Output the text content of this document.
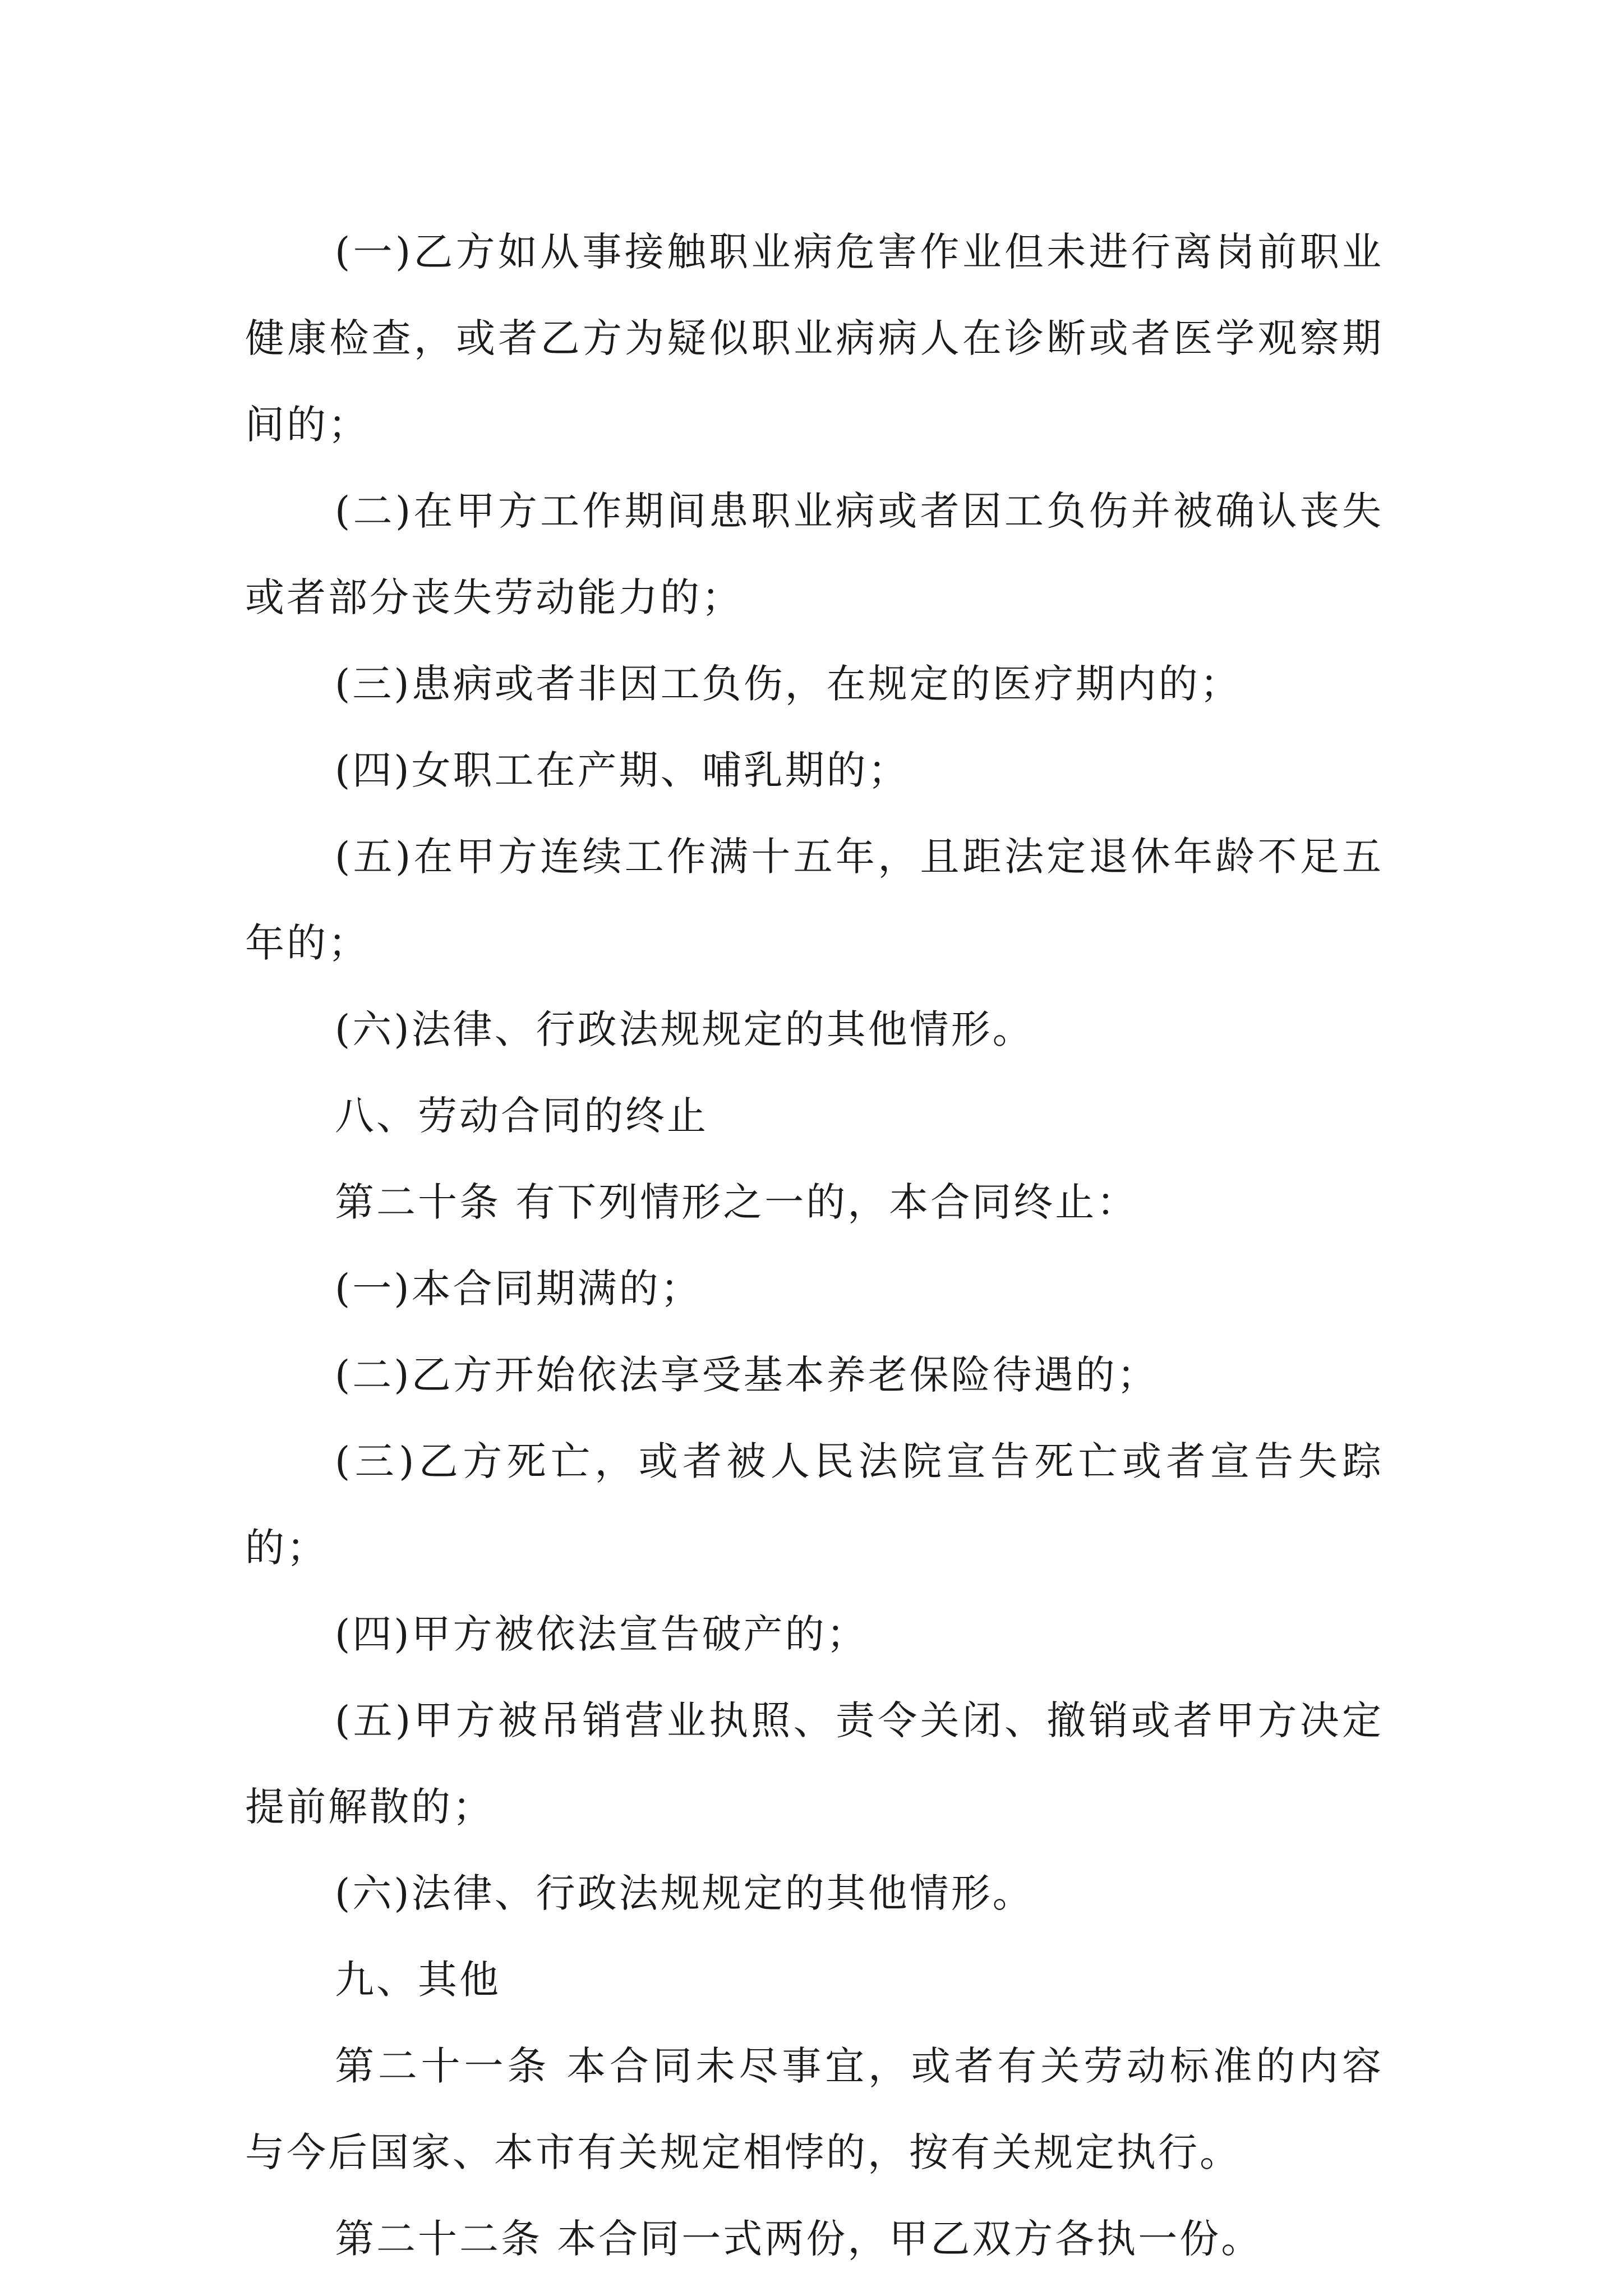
(一)乙方如从事接触职业病危害作业但未进行离岗前职业健康检查，或者乙方为疑似职业病病人在诊断或者医学观察期间的；

(二)在甲方工作期间患职业病或者因工负伤并被确认丧失或者部分丧失劳动能力的；

(三)患病或者非因工负伤，在规定的医疗期内的；

(四)女职工在产期、哺乳期的；

(五)在甲方连续工作满十五年，且距法定退休年龄不足五年的；

(六)法律、行政法规规定的其他情形。

八、劳动合同的终止

第二十条 有下列情形之一的，本合同终止：

(一)本合同期满的；

(二)乙方开始依法享受基本养老保险待遇的；

(三)乙方死亡，或者被人民法院宣告死亡或者宣告失踪的；

(四)甲方被依法宣告破产的；

(五)甲方被吊销营业执照、责令关闭、撤销或者甲方决定提前解散的；

(六)法律、行政法规规定的其他情形。

九、其他

第二十一条 本合同未尽事宜，或者有关劳动标准的内容与今后国家、本市有关规定相悖的，按有关规定执行。

第二十二条 本合同一式两份，甲乙双方各执一份。
